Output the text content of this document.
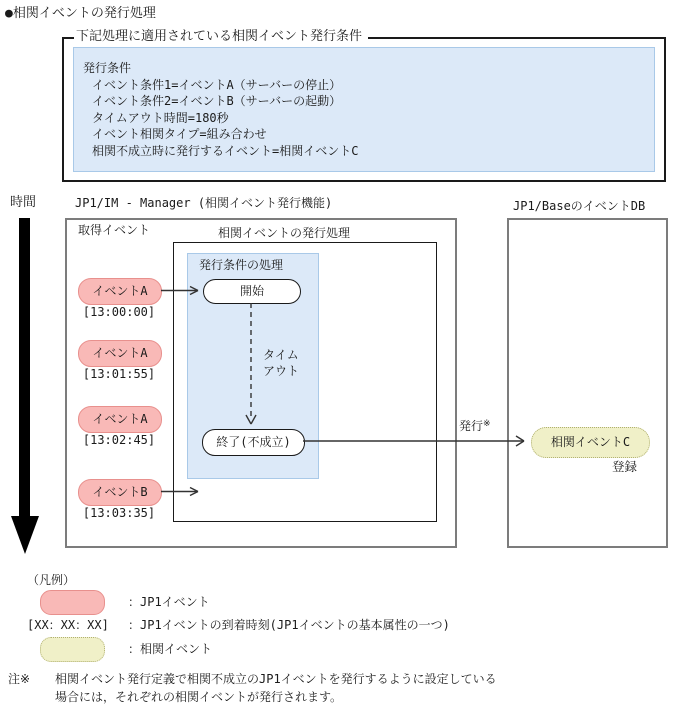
●相関イベントの発行処理
下記処理に適用されている相関イベント発行条件
発行条件
イベント条件1=イベントA（サーバーの停止）
イベント条件2=イベントB（サーバーの起動）
タイムアウト時間=180秒
イベント相関タイプ=組み合わせ
相関不成立時に発行するイベント=相関イベントC
時間	JP1/IM - Manager (相関イベント発行機能)
取得イベント	相関イベントの発行処理
発行条件の処理
開始
タイム
アウト
終了(不成立)
イベントA
[13:00:00]
イベントA
[13:01:55]
イベントA
[13:02:45]
イベントB
[13:03:35]
JP1/BaseのイベントDB
発行※
相関イベントC
登録
（凡例）
：JP1イベント
[XX：XX：XX] ：JP1イベントの到着時刻(JP1イベントの基本属性の一つ)
：相関イベント
注※ 相関イベント発行定義で相関不成立のJP1イベントを発行するように設定している
場合には，それぞれの相関イベントが発行されます。
